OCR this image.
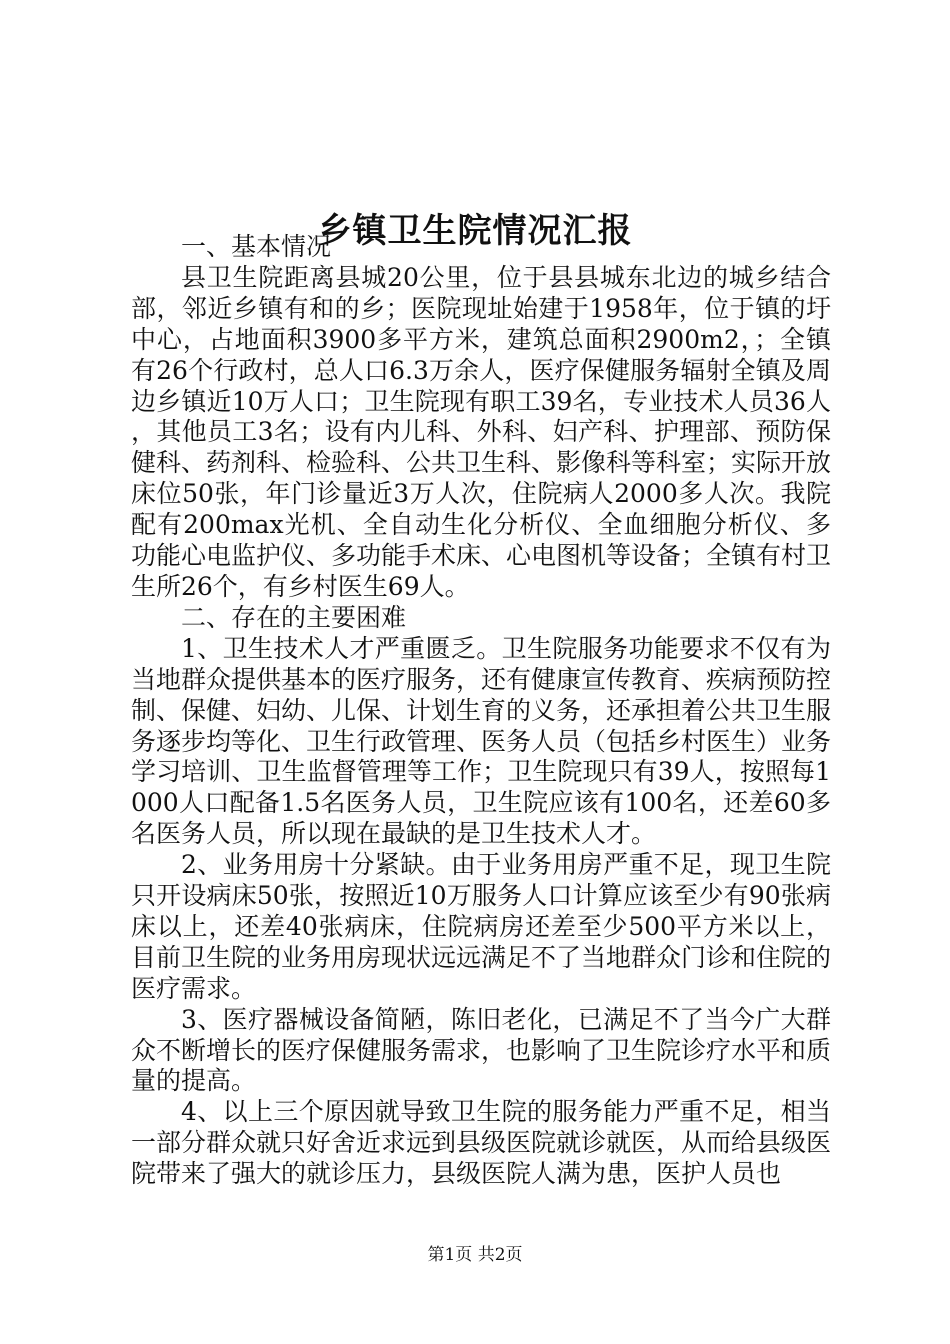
乡镇卫生院情况汇报

一、基本情况

县卫生院距离县城20公里，位于县县城东北边的城乡结合部，邻近乡镇有和的乡；医院现址始建于1958年，位于镇的圩中心，占地面积3900多平方米，建筑总面积2900m2，；全镇有26个行政村，总人口6.3万余人，医疗保健服务辐射全镇及周边乡镇近10万人口；卫生院现有职工39名，专业技术人员36人，其他员工3名；设有内儿科、外科、妇产科、护理部、预防保健科、药剂科、检验科、公共卫生科、影像科等科室；实际开放床位50张，年门诊量近3万人次，住院病人2000多人次。我院配有200max光机、全自动生化分析仪、全血细胞分析仪、多功能心电监护仪、多功能手术床、心电图机等设备；全镇有村卫生所26个，有乡村医生69人。

二、存在的主要困难

1、卫生技术人才严重匮乏。卫生院服务功能要求不仅有为当地群众提供基本的医疗服务，还有健康宣传教育、疾病预防控制、保健、妇幼、儿保、计划生育的义务，还承担着公共卫生服务逐步均等化、卫生行政管理、医务人员（包括乡村医生）业务学习培训、卫生监督管理等工作；卫生院现只有39人，按照每1000人口配备1.5名医务人员，卫生院应该有100名，还差60多名医务人员，所以现在最缺的是卫生技术人才。

2、业务用房十分紧缺。由于业务用房严重不足，现卫生院只开设病床50张，按照近10万服务人口计算应该至少有90张病床以上，还差40张病床，住院病房还差至少500平方米以上，目前卫生院的业务用房现状远远满足不了当地群众门诊和住院的医疗需求。

3、医疗器械设备简陋，陈旧老化，已满足不了当今广大群众不断增长的医疗保健服务需求，也影响了卫生院诊疗水平和质量的提高。

4、以上三个原因就导致卫生院的服务能力严重不足，相当一部分群众就只好舍近求远到县级医院就诊就医，从而给县级医院带来了强大的就诊压力，县级医院人满为患，医护人员也

第1页 共2页
